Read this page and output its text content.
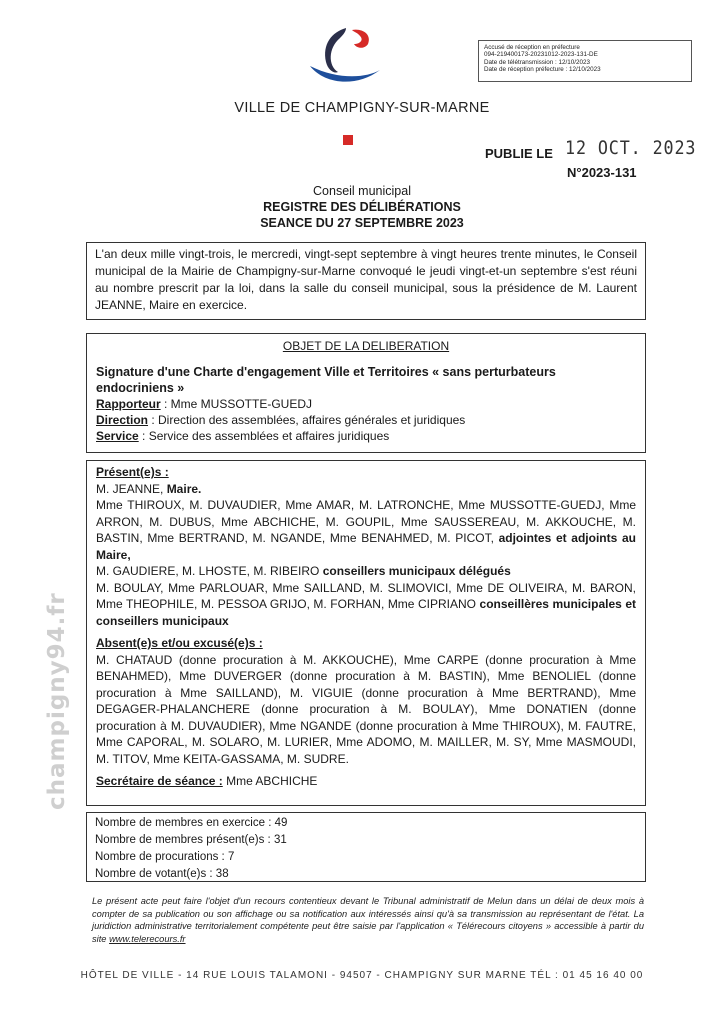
Accusé de réception en préfecture
094-219400173-20231012-2023-131-DE
Date de télétransmission : 12/10/2023
Date de réception préfecture : 12/10/2023
VILLE DE CHAMPIGNY-SUR-MARNE
PUBLIE LE 12 OCT. 2023
N°2023-131
Conseil municipal
REGISTRE DES DÉLIBÉRATIONS
SEANCE DU 27 SEPTEMBRE 2023
L'an deux mille vingt-trois, le mercredi, vingt-sept septembre à vingt heures trente minutes, le Conseil municipal de la Mairie de Champigny-sur-Marne convoqué le jeudi vingt-et-un septembre s'est réuni au nombre prescrit par la loi, dans la salle du conseil municipal, sous la présidence de M. Laurent JEANNE, Maire en exercice.
OBJET DE LA DELIBERATION
Signature d'une Charte d'engagement Ville et Territoires « sans perturbateurs endocriniens »
Rapporteur : Mme MUSSOTTE-GUEDJ
Direction : Direction des assemblées, affaires générales et juridiques
Service : Service des assemblées et affaires juridiques

Présent(e)s :

M. JEANNE, Maire.

Mme THIROUX, M. DUVAUDIER, Mme AMAR, M. LATRONCHE, Mme MUSSOTTE-GUEDJ, Mme ARRON, M. DUBUS, Mme ABCHICHE, M. GOUPIL, Mme SAUSSEREAU, M. AKKOUCHE, M. BASTIN, Mme BERTRAND, M. NGANDE, Mme BENAHMED, M. PICOT, adjointes et adjoints au Maire,

M. GAUDIERE, M. LHOSTE, M. RIBEIRO conseillers municipaux délégués

M. BOULAY, Mme PARLOUAR, Mme SAILLAND, M. SLIMOVICI, Mme DE OLIVEIRA, M. BARON, Mme THEOPHILE, M. PESSOA GRIJO, M. FORHAN, Mme CIPRIANO conseillères municipales et conseillers municipaux

Absent(e)s et/ou excusé(e)s :

M. CHATAUD (donne procuration à M. AKKOUCHE), Mme CARPE (donne procuration à Mme BENAHMED), Mme DUVERGER (donne procuration à M. BASTIN), Mme BENOLIEL (donne procuration à Mme SAILLAND), M. VIGUIE (donne procuration à Mme BERTRAND), Mme DEGAGER-PHALANCHERE (donne procuration à M. BOULAY), Mme DONATIEN (donne procuration à M. DUVAUDIER), Mme NGANDE (donne procuration à Mme THIROUX), M. FAUTRE, Mme CAPORAL, M. SOLARO, M. LURIER, Mme ADOMO, M. MAILLER, M. SY, Mme MASMOUDI, M. TITOV, Mme KEITA-GASSAMA, M. SUDRE.

Secrétaire de séance : Mme ABCHICHE

Nombre de membres en exercice : 49
Nombre de membres présent(e)s : 31
Nombre de procurations : 7
Nombre de votant(e)s : 38
Le présent acte peut faire l'objet d'un recours contentieux devant le Tribunal administratif de Melun dans un délai de deux mois à compter de sa publication ou son affichage ou sa notification aux intéressés ainsi qu'à sa transmission au représentant de l'état. La juridiction administrative territorialement compétente peut être saisie par l'application « Télérecours citoyens » accessible à partir du site www.telerecours.fr
HÔTEL DE VILLE - 14 RUE LOUIS TALAMONI - 94507 - CHAMPIGNY SUR MARNE TÉL : 01 45 16 40 00
champigny94.fr
